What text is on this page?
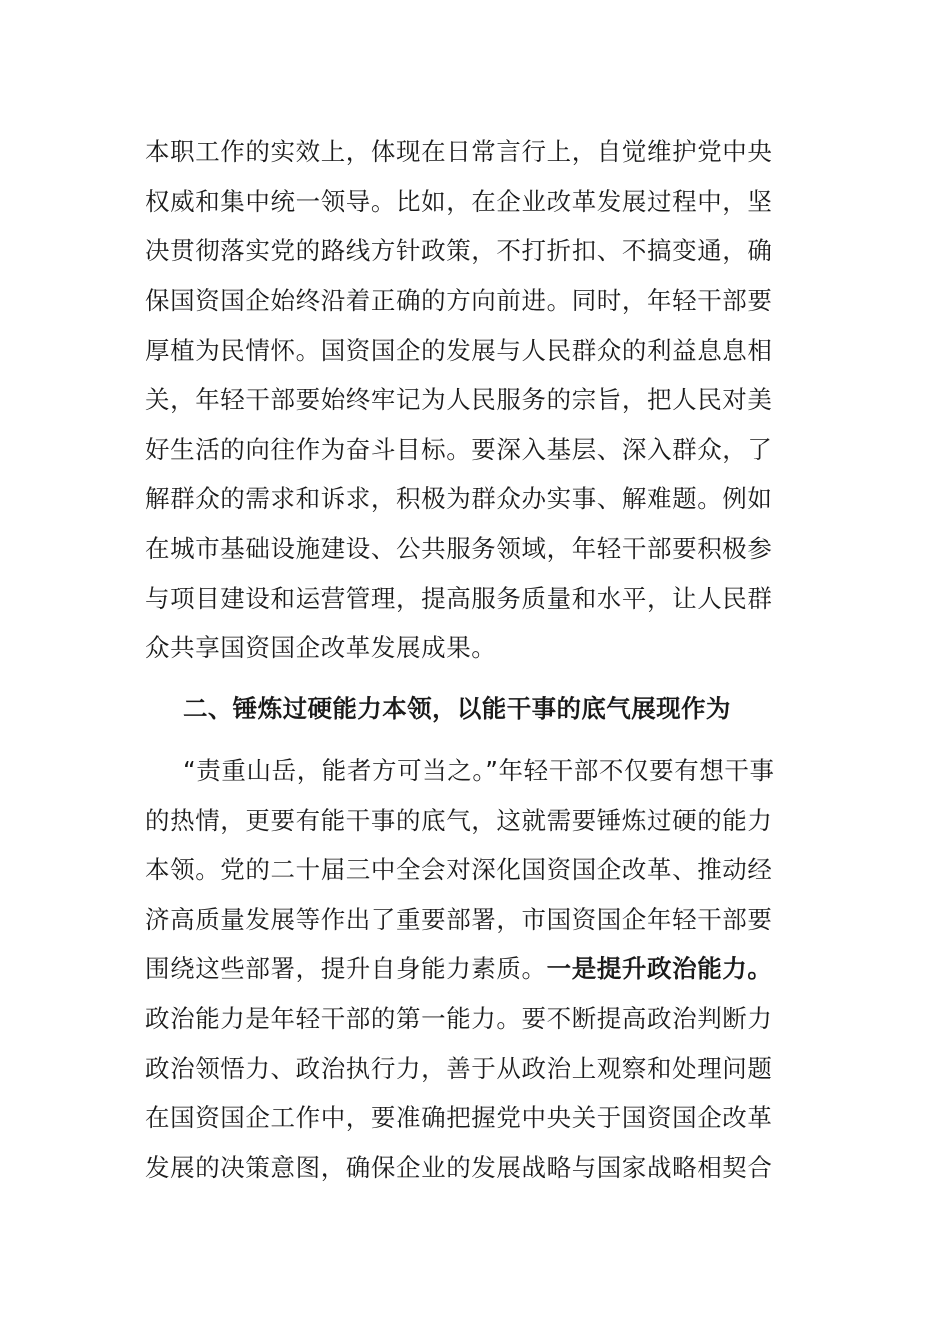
本职工作的实效上，体现在日常言行上，自觉维护党中央
权威和集中统一领导。比如，在企业改革发展过程中，坚
决贯彻落实党的路线方针政策，不打折扣、不搞变通，确
保国资国企始终沿着正确的方向前进。同时，年轻干部要
厚植为民情怀。国资国企的发展与人民群众的利益息息相
关，年轻干部要始终牢记为人民服务的宗旨，把人民对美
好生活的向往作为奋斗目标。要深入基层、深入群众，了
解群众的需求和诉求，积极为群众办实事、解难题。例如
在城市基础设施建设、公共服务领域，年轻干部要积极参
与项目建设和运营管理，提高服务质量和水平，让人民群
众共享国资国企改革发展成果。
二、锤炼过硬能力本领，以能干事的底气展现作为
“责重山岳，能者方可当之。”年轻干部不仅要有想干事
的热情，更要有能干事的底气，这就需要锤炼过硬的能力
本领。党的二十届三中全会对深化国资国企改革、推动经
济高质量发展等作出了重要部署，市国资国企年轻干部要
围绕这些部署，提升自身能力素质。一是提升政治能力。
政治能力是年轻干部的第一能力。要不断提高政治判断力
政治领悟力、政治执行力，善于从政治上观察和处理问题
在国资国企工作中，要准确把握党中央关于国资国企改革
发展的决策意图，确保企业的发展战略与国家战略相契合
